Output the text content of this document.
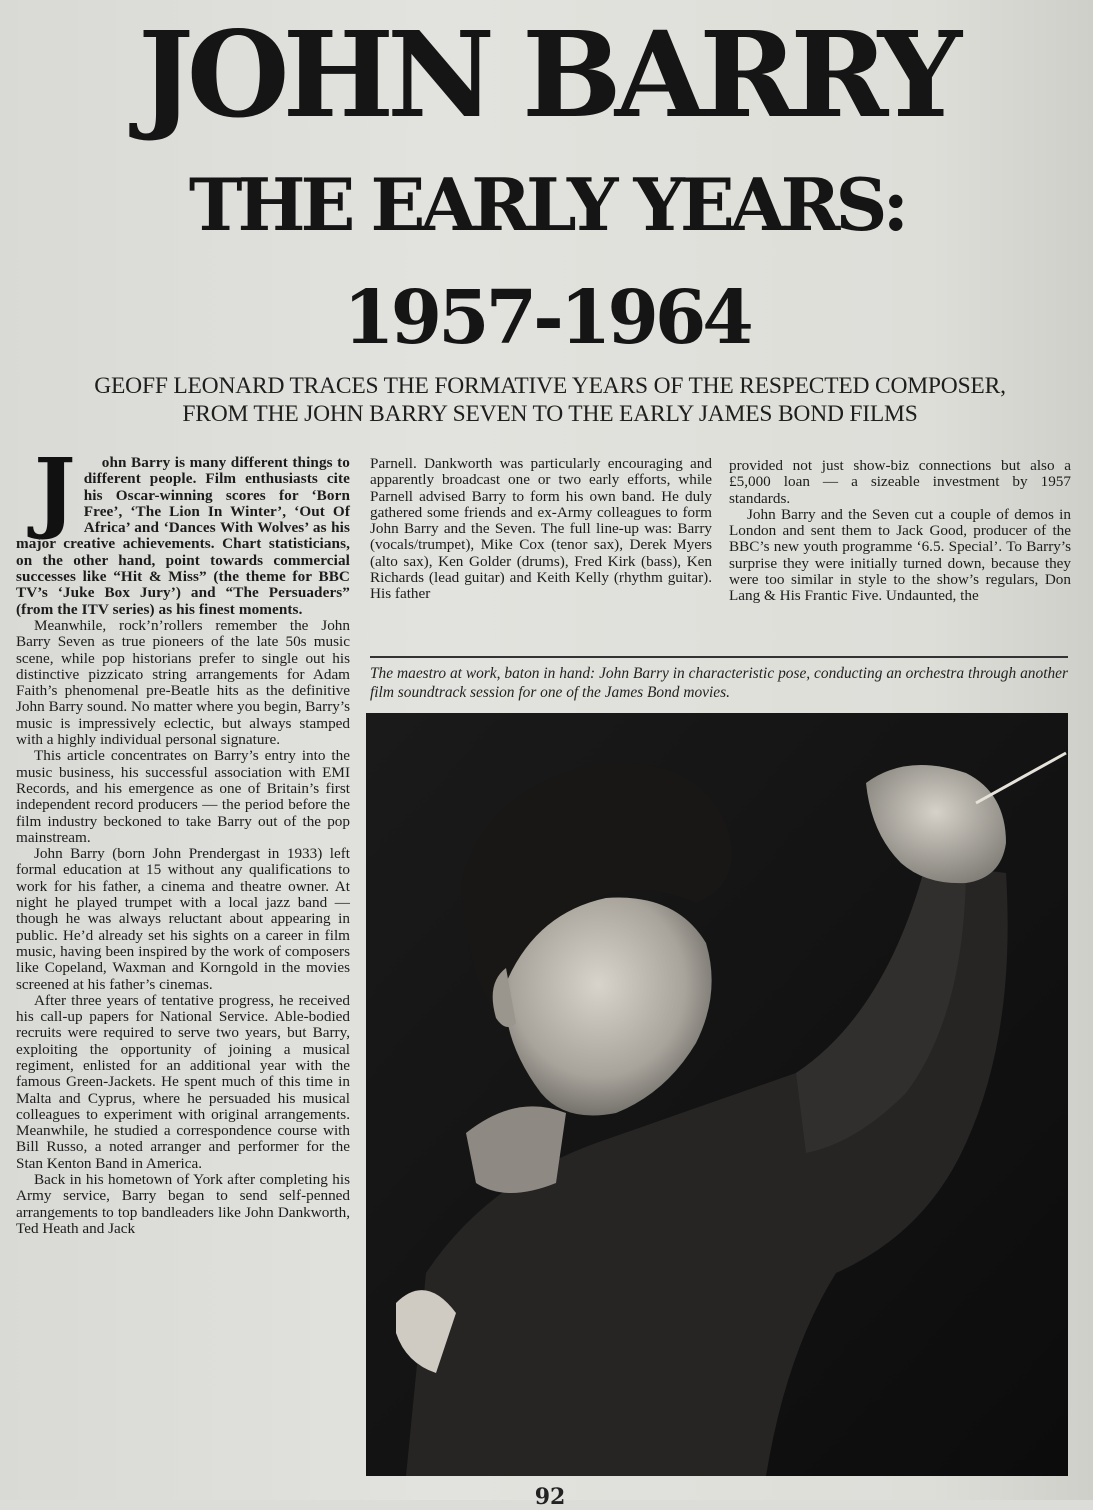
JOHN BARRY
THE EARLY YEARS:
1957-1964
GEOFF LEONARD TRACES THE FORMATIVE YEARS OF THE RESPECTED COMPOSER,
FROM THE JOHN BARRY SEVEN TO THE EARLY JAMES BOND FILMS

J ohn Barry is many different things to different people. Film enthusiasts cite his Oscar-winning scores for ‘Born Free’, ‘The Lion In Winter’, ‘Out Of Africa’ and ‘Dances With Wolves’ as his major creative achievements. Chart statisticians, on the other hand, point towards commercial successes like “Hit & Miss” (the theme for BBC TV’s ‘Juke Box Jury’) and “The Persuaders” (from the ITV series) as his finest moments.

Meanwhile, rock’n’rollers remember the John Barry Seven as true pioneers of the late 50s music scene, while pop historians prefer to single out his distinctive pizzicato string arrangements for Adam Faith’s phenomenal pre-Beatle hits as the definitive John Barry sound. No matter where you begin, Barry’s music is impressively eclectic, but always stamped with a highly individual personal signature.

This article concentrates on Barry’s entry into the music business, his successful association with EMI Records, and his emergence as one of Britain’s first independent record producers — the period before the film industry beckoned to take Barry out of the pop mainstream.

John Barry (born John Prendergast in 1933) left formal education at 15 without any qualifications to work for his father, a cinema and theatre owner. At night he played trumpet with a local jazz band — though he was always reluctant about appearing in public. He’d already set his sights on a career in film music, having been inspired by the work of composers like Copeland, Waxman and Korngold in the movies screened at his father’s cinemas.

After three years of tentative progress, he received his call-up papers for National Service. Able-bodied recruits were required to serve two years, but Barry, exploiting the opportunity of joining a musical regiment, enlisted for an additional year with the famous Green-Jackets. He spent much of this time in Malta and Cyprus, where he persuaded his musical colleagues to experiment with original arrangements. Meanwhile, he studied a correspondence course with Bill Russo, a noted arranger and performer for the Stan Kenton Band in America.

Back in his hometown of York after completing his Army service, Barry began to send self-penned arrangements to top bandleaders like John Dankworth, Ted Heath and Jack

Parnell. Dankworth was particularly encouraging and apparently broadcast one or two early efforts, while Parnell advised Barry to form his own band. He duly gathered some friends and ex-Army colleagues to form John Barry and the Seven. The full line-up was: Barry (vocals/trumpet), Mike Cox (tenor sax), Derek Myers (alto sax), Ken Golder (drums), Fred Kirk (bass), Ken Richards (lead guitar) and Keith Kelly (rhythm guitar). His father

provided not just show-biz connections but also a £5,000 loan — a sizeable investment by 1957 standards.

John Barry and the Seven cut a couple of demos in London and sent them to Jack Good, producer of the BBC’s new youth programme ‘6.5. Special’. To Barry’s surprise they were initially turned down, because they were too similar in style to the show’s regulars, Don Lang & His Frantic Five. Undaunted, the

The maestro at work, baton in hand: John Barry in characteristic pose, conducting an orchestra through another film soundtrack session for one of the James Bond movies.
92
